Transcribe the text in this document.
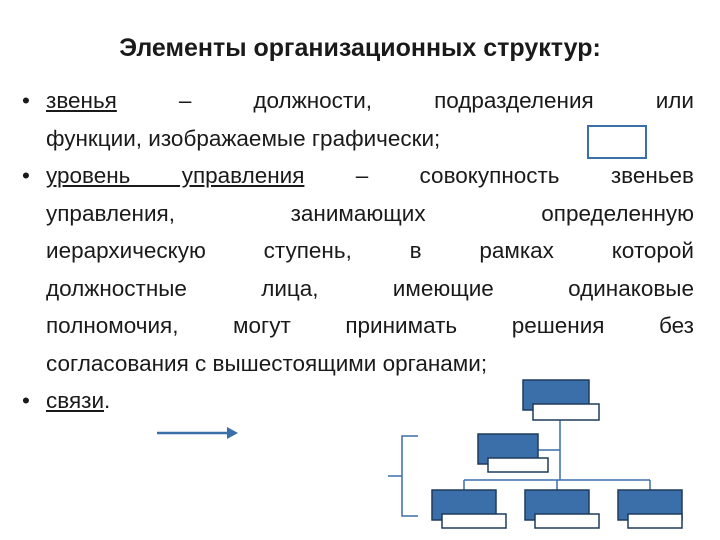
Элементы организационных структур:
• звенья	– должности, подразделения или
функции, изображаемые графически;
• уровень управления – совокупность звеньев
управления, занимающих определенную
иерархическую ступень, в рамках которой
должностные лица, имеющие одинаковые
полномочия, могут принимать решения без
согласования с вышестоящими органами;
• связи.
